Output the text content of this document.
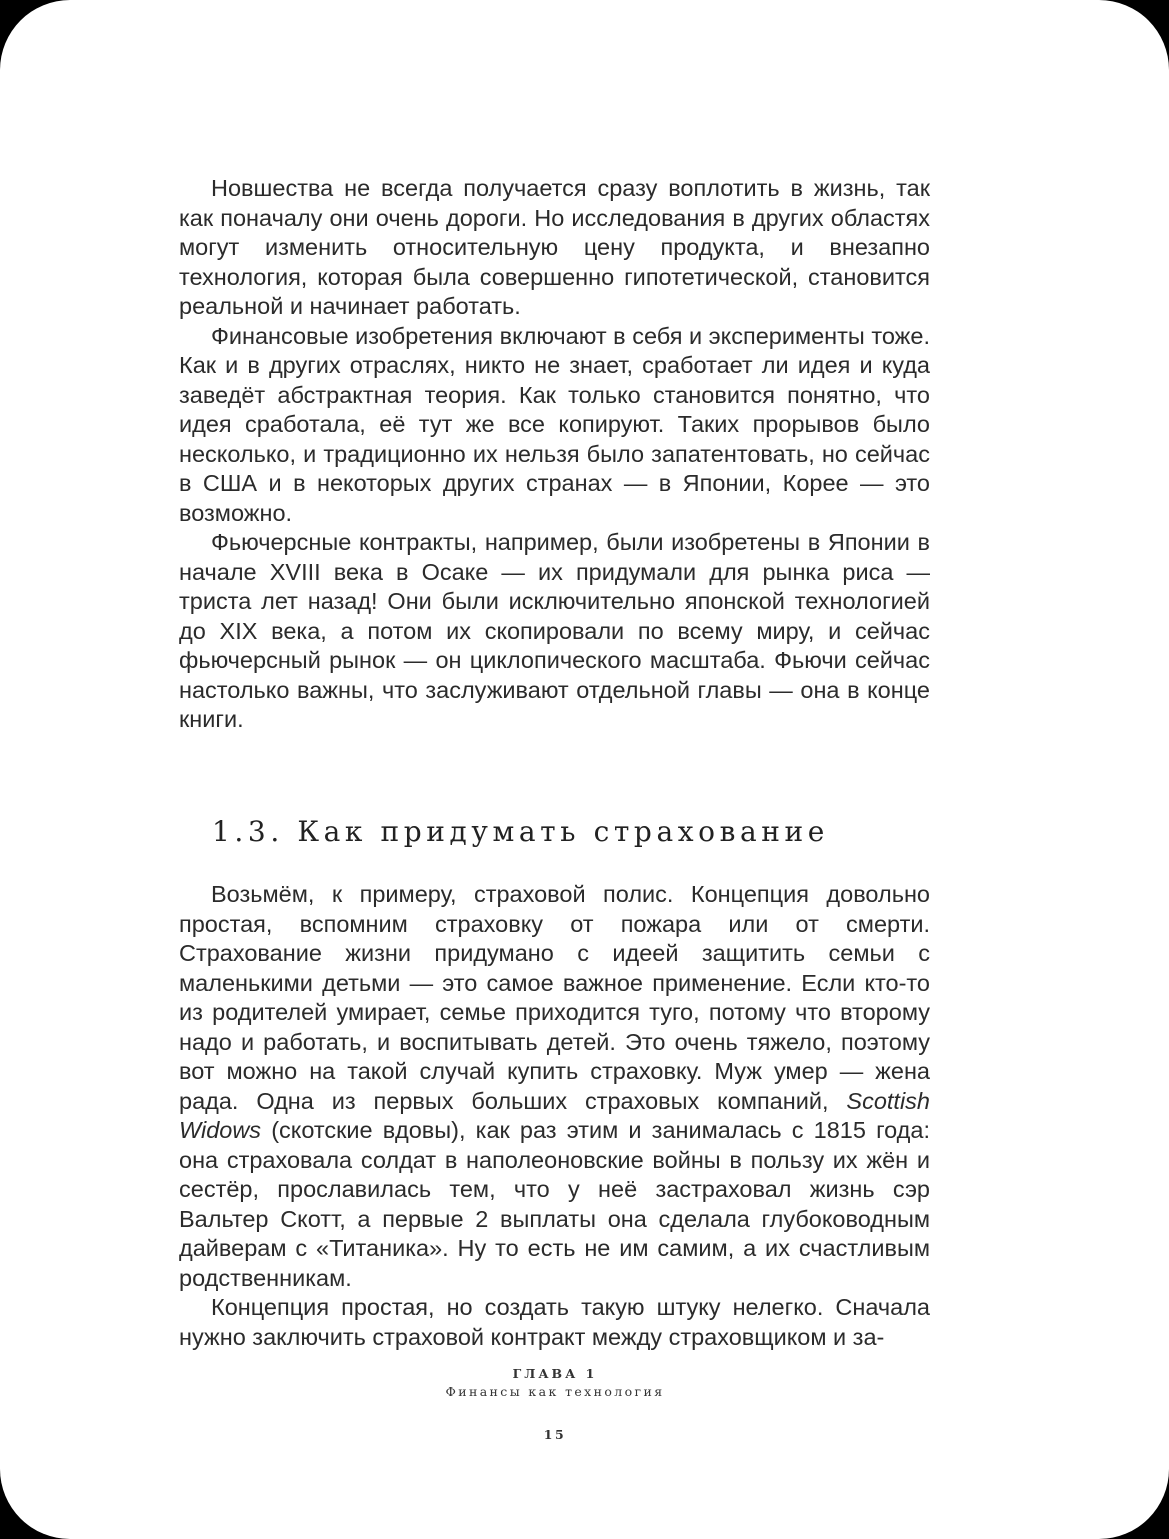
Новшества не всегда получается сразу воплотить в жизнь, так как поначалу они очень дороги. Но исследования в других областях могут изменить относительную цену продукта, и внезапно технология, которая была совершенно гипотетической, становится реальной и начинает работать.

Финансовые изобретения включают в себя и эксперименты тоже. Как и в других отраслях, никто не знает, сработает ли идея и куда заведёт абстрактная теория. Как только становится понятно, что идея сработала, её тут же все копируют. Таких прорывов было несколько, и традиционно их нельзя было запатентовать, но сейчас в США и в некоторых других странах — в Японии, Корее — это возможно.

Фьючерсные контракты, например, были изобретены в Японии в начале XVIII века в Осаке — их придумали для рынка риса — триста лет назад! Они были исключительно японской технологией до XIX века, а потом их скопировали по всему миру, и сейчас фьючерсный рынок — он циклопического масштаба. Фьючи сейчас настолько важны, что заслуживают отдельной главы — она в конце книги.

1.3. Как придумать страхование

Возьмём, к примеру, страховой полис. Концепция довольно простая, вспомним страховку от пожара или от смерти. Страхование жизни придумано с идеей защитить семьи с маленькими детьми — это самое важное применение. Если кто-то из родителей умирает, семье приходится туго, потому что второму надо и работать, и воспитывать детей. Это очень тяжело, поэтому вот можно на такой случай купить страховку. Муж умер — жена рада. Одна из первых больших страховых компаний, Scottish Widows (скотские вдовы), как раз этим и занималась с 1815 года: она страховала солдат в наполеоновские войны в пользу их жён и сестёр, прославилась тем, что у неё застраховал жизнь сэр Вальтер Скотт, а первые 2 выплаты она сделала глубоководным дайверам с «Титаника». Ну то есть не им самим, а их счастливым родственникам.

Концепция простая, но создать такую штуку нелегко. Сначала нужно заключить страховой контракт между страховщиком и за-

ГЛАВА 1
Финансы как технология
15
